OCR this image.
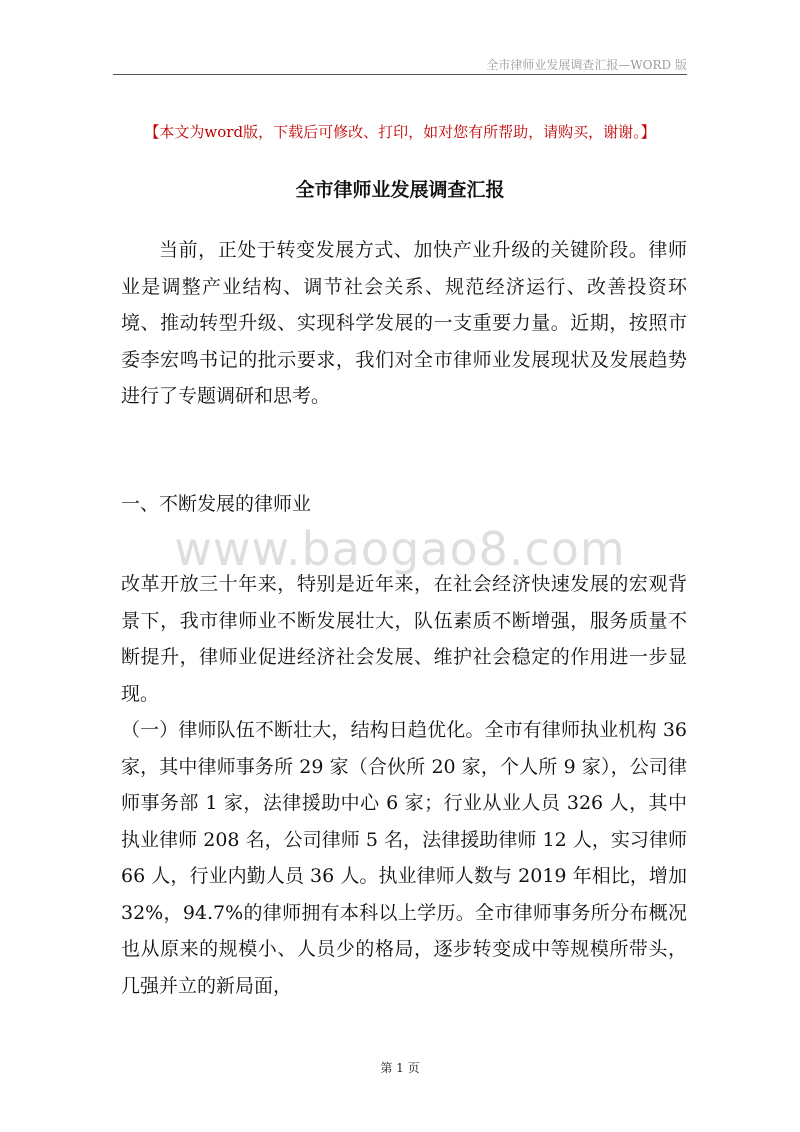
全市律师业发展调查汇报—WORD 版
【本文为word版，下载后可修改、打印，如对您有所帮助，请购买，谢谢。】
全市律师业发展调查汇报
当前，正处于转变发展方式、加快产业升级的关键阶段。律师业是调整产业结构、调节社会关系、规范经济运行、改善投资环境、推动转型升级、实现科学发展的一支重要力量。近期，按照市委李宏鸣书记的批示要求，我们对全市律师业发展现状及发展趋势进行了专题调研和思考。
一、不断发展的律师业
www.baogao8.com
改革开放三十年来，特别是近年来，在社会经济快速发展的宏观背景下，我市律师业不断发展壮大，队伍素质不断增强，服务质量不断提升，律师业促进经济社会发展、维护社会稳定的作用进一步显现。
（一）律师队伍不断壮大，结构日趋优化。全市有律师执业机构 36 家，其中律师事务所 29 家（合伙所 20 家，个人所 9 家），公司律师事务部 1 家，法律援助中心 6 家；行业从业人员 326 人，其中执业律师 208 名，公司律师 5 名，法律援助律师 12 人，实习律师 66 人，行业内勤人员 36 人。执业律师人数与 2019 年相比，增加 32%，94.7%的律师拥有本科以上学历。全市律师事务所分布概况也从原来的规模小、人员少的格局，逐步转变成中等规模所带头，几强并立的新局面，
第 1 页
